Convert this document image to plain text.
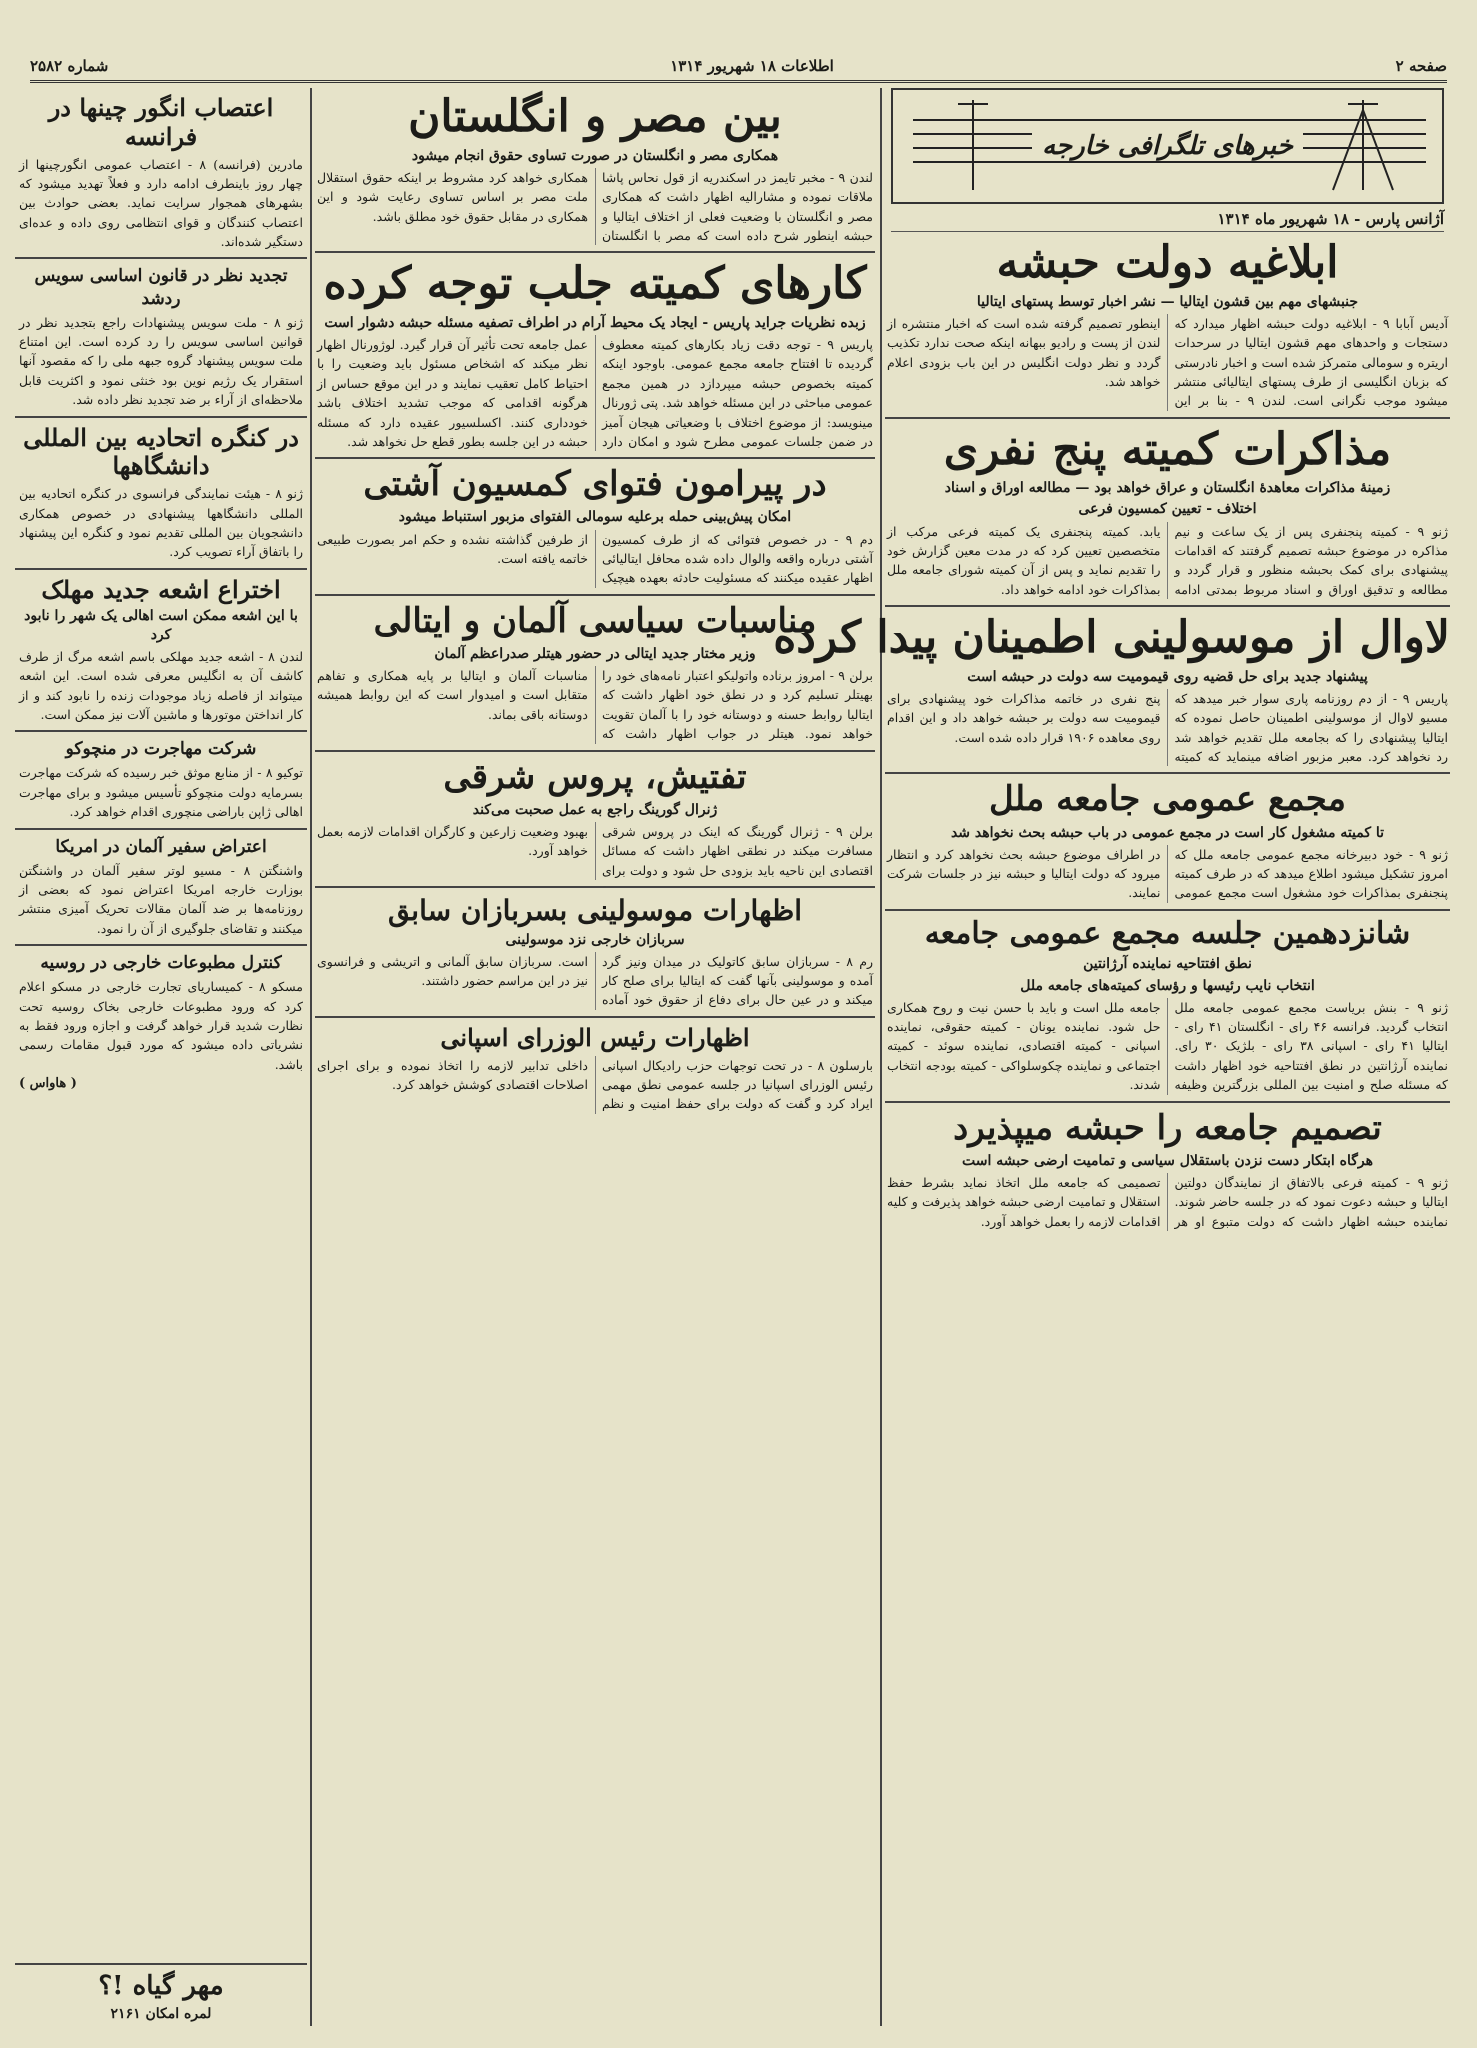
صفحه ۲
اطلاعات ۱۸ شهریور ۱۳۱۴
شماره ۲۵۸۲
خبرهای تلگرافی خارجه
آژانس پارس - ۱۸ شهریور ماه ۱۳۱۴
ابلاغیه دولت حبشه
جنبشهای مهم بین قشون ایتالیا — نشر اخبار توسط پستهای ایتالیا
آدیس آبابا ۹ - ابلاغیه دولت حبشه اظهار میدارد که دستجات و واحدهای مهم قشون ایتالیا در سرحدات اریتره و سومالی متمرکز شده است و اخبار نادرستی که بزبان انگلیسی از طرف پستهای ایتالیائی منتشر میشود موجب نگرانی است. لندن ۹ - بنا بر این اینطور تصمیم گرفته شده است که اخبار منتشره از لندن از پست و رادیو ببهانه اینکه صحت ندارد تکذیب گردد و نظر دولت انگلیس در این باب بزودی اعلام خواهد شد.
مذاکرات کمیته پنج نفری
زمینهٔ مذاکرات معاهدهٔ انگلستان و عراق خواهد بود — مطالعه اوراق و اسناد
اختلاف - تعیین کمسیون فرعی
ژنو ۹ - کمیته پنجنفری پس از یک ساعت و نیم مذاکره در موضوع حبشه تصمیم گرفتند که اقدامات پیشنهادی برای کمک بحبشه منظور و قرار گردد و مطالعه و تدقیق اوراق و اسناد مربوط بمدتی ادامه یابد. کمیته پنجنفری یک کمیته فرعی مرکب از متخصصین تعیین کرد که در مدت معین گزارش خود را تقدیم نماید و پس از آن کمیته شورای جامعه ملل بمذاکرات خود ادامه خواهد داد.
لاوال از موسولینی اطمینان پیدا کرده
پیشنهاد جدید برای حل قضیه روی قیمومیت سه دولت در حبشه است
پاریس ۹ - از دم روزنامه پاری سوار خبر میدهد که مسیو لاوال از موسولینی اطمینان حاصل نموده که ایتالیا پیشنهادی را که بجامعه ملل تقدیم خواهد شد رد نخواهد کرد. معبر مزبور اضافه مینماید که کمیته پنج نفری در خاتمه مذاکرات خود پیشنهادی برای قیمومیت سه دولت بر حبشه خواهد داد و این اقدام روی معاهده ۱۹۰۶ قرار داده شده است.
مجمع عمومی جامعه ملل
تا کمیته مشغول کار است در مجمع عمومی در باب حبشه بحث نخواهد شد
ژنو ۹ - خود دبیرخانه مجمع عمومی جامعه ملل که امروز تشکیل میشود اطلاع میدهد که در طرف کمیته پنجنفری بمذاکرات خود مشغول است مجمع عمومی در اطراف موضوع حبشه بحث نخواهد کرد و انتظار میرود که دولت ایتالیا و حبشه نیز در جلسات شرکت نمایند.
شانزدهمین جلسه مجمع عمومی جامعه
نطق افتتاحیه نماینده آرژانتین
انتخاب نایب رئیسها و رؤسای کمیته‌های جامعه ملل
ژنو ۹ - بنش بریاست مجمع عمومی جامعه ملل انتخاب گردید. فرانسه ۴۶ رای - انگلستان ۴۱ رای - ایتالیا ۴۱ رای - اسپانی ۳۸ رای - بلژیک ۳۰ رای. نماینده آرژانتین در نطق افتتاحیه خود اظهار داشت که مسئله صلح و امنیت بین المللی بزرگترین وظیفه جامعه ملل است و باید با حسن نیت و روح همکاری حل شود. نماینده یونان - کمیته حقوقی، نماینده اسپانی - کمیته اقتصادی، نماینده سوئد - کمیته اجتماعی و نماینده چکوسلواکی - کمیته بودجه انتخاب شدند.
تصمیم جامعه را حبشه میپذیرد
هرگاه ابتکار دست نزدن باستقلال سیاسی و تمامیت ارضی حبشه است
ژنو ۹ - کمیته فرعی بالاتفاق از نمایندگان دولتین ایتالیا و حبشه دعوت نمود که در جلسه حاضر شوند. نماینده حبشه اظهار داشت که دولت متبوع او هر تصمیمی که جامعه ملل اتخاذ نماید بشرط حفظ استقلال و تمامیت ارضی حبشه خواهد پذیرفت و کلیه اقدامات لازمه را بعمل خواهد آورد.
بین مصر و انگلستان
همکاری مصر و انگلستان در صورت تساوی حقوق انجام میشود
لندن ۹ - مخبر تایمز در اسکندریه از قول نحاس پاشا ملاقات نموده و مشارالیه اظهار داشت که همکاری مصر و انگلستان با وضعیت فعلی از اختلاف ایتالیا و حبشه اینطور شرح داده است که مصر با انگلستان همکاری خواهد کرد مشروط بر اینکه حقوق استقلال ملت مصر بر اساس تساوی رعایت شود و این همکاری در مقابل حقوق خود مطلق باشد.
کارهای کمیته جلب توجه کرده
زبده نظریات جراید پاریس - ایجاد یک محیط آرام در اطراف تصفیه مسئله حبشه دشوار است
پاریس ۹ - توجه دقت زیاد بکارهای کمیته معطوف گردیده تا افتتاح جامعه مجمع عمومی. باوجود اینکه کمیته بخصوص حبشه میپردازد در همین مجمع عمومی مباحثی در این مسئله خواهد شد. پتی ژورنال مینویسد: از موضوع اختلاف با وضعیاتی هیجان آمیز در ضمن جلسات عمومی مطرح شود و امکان دارد عمل جامعه تحت تأثیر آن قرار گیرد. لوژورنال اظهار نظر میکند که اشخاص مسئول باید وضعیت را با احتیاط کامل تعقیب نمایند و در این موقع حساس از هرگونه اقدامی که موجب تشدید اختلاف باشد خودداری کنند. اکسلسیور عقیده دارد که مسئله حبشه در این جلسه بطور قطع حل نخواهد شد.
در پیرامون فتوای کمسیون آشتی
امکان پیش‌بینی حمله برعلیه سومالی الفتوای مزبور استنباط میشود
دم ۹ - در خصوص فتوائی که از طرف کمسیون آشتی درباره واقعه والوال داده شده محافل ایتالیائی اظهار عقیده میکنند که مسئولیت حادثه بعهده هیچیک از طرفین گذاشته نشده و حکم امر بصورت طبیعی خاتمه یافته است.
مناسبات سیاسی آلمان و ایتالی
وزیر مختار جدید ایتالی در حضور هیتلر صدراعظم آلمان
برلن ۹ - امروز برناده واتولیکو اعتبار نامه‌های خود را بهیتلر تسلیم کرد و در نطق خود اظهار داشت که ایتالیا روابط حسنه و دوستانه خود را با آلمان تقویت خواهد نمود. هیتلر در جواب اظهار داشت که مناسبات آلمان و ایتالیا بر پایه همکاری و تفاهم متقابل است و امیدوار است که این روابط همیشه دوستانه باقی بماند.
تفتیش، پروس شرقی
ژنرال گورینگ راجع به عمل صحبت می‌کند
برلن ۹ - ژنرال گورینگ که اینک در پروس شرقی مسافرت میکند در نطقی اظهار داشت که مسائل اقتصادی این ناحیه باید بزودی حل شود و دولت برای بهبود وضعیت زارعین و کارگران اقدامات لازمه بعمل خواهد آورد.
اظهارات موسولینی بسربازان سابق
سربازان خارجی نزد موسولینی
رم ۸ - سربازان سابق کاتولیک در میدان ونیز گرد آمده و موسولینی بآنها گفت که ایتالیا برای صلح کار میکند و در عین حال برای دفاع از حقوق خود آماده است. سربازان سابق آلمانی و اتریشی و فرانسوی نیز در این مراسم حضور داشتند.
اظهارات رئیس الوزرای اسپانی
بارسلون ۸ - در تحت توجهات حزب رادیکال اسپانی رئیس الوزرای اسپانیا در جلسه عمومی نطق مهمی ایراد کرد و گفت که دولت برای حفظ امنیت و نظم داخلی تدابیر لازمه را اتخاذ نموده و برای اجرای اصلاحات اقتصادی کوشش خواهد کرد.
اعتصاب انگور چینها در فرانسه
مادرین (فرانسه) ۸ - اعتصاب عمومی انگورچینها از چهار روز باینطرف ادامه دارد و فعلاً تهدید میشود که بشهرهای همجوار سرایت نماید. بعضی حوادث بین اعتصاب کنندگان و قوای انتظامی روی داده و عده‌ای دستگیر شده‌اند.
تجدید نظر در قانون اساسی سویس ردشد
ژنو ۸ - ملت سویس پیشنهادات راجع بتجدید نظر در قوانین اساسی سویس را رد کرده است. این امتناع ملت سویس پیشنهاد گروه جبهه ملی را که مقصود آنها استقرار یک رژیم نوین بود خنثی نمود و اکثریت قابل ملاحظه‌ای از آراء بر ضد تجدید نظر داده شد.
در کنگره اتحادیه بین المللی دانشگاهها
ژنو ۸ - هیئت نمایندگی فرانسوی در کنگره اتحادیه بین المللی دانشگاهها پیشنهادی در خصوص همکاری دانشجویان بین المللی تقدیم نمود و کنگره این پیشنهاد را باتفاق آراء تصویب کرد.
اختراع اشعه جدید مهلک
با این اشعه ممکن است اهالی یک شهر را نابود کرد
لندن ۸ - اشعه جدید مهلکی باسم اشعه مرگ از طرف کاشف آن به انگلیس معرفی شده است. این اشعه میتواند از فاصله زیاد موجودات زنده را نابود کند و از کار انداختن موتورها و ماشین آلات نیز ممکن است.
شرکت مهاجرت در منچوکو
توکیو ۸ - از منابع موثق خبر رسیده که شرکت مهاجرت بسرمایه دولت منچوکو تأسیس میشود و برای مهاجرت اهالی ژاپن باراضی منچوری اقدام خواهد کرد.
اعتراض سفیر آلمان در امریکا
واشنگتن ۸ - مسیو لوتر سفیر آلمان در واشنگتن بوزارت خارجه امریکا اعتراض نمود که بعضی از روزنامه‌ها بر ضد آلمان مقالات تحریک آمیزی منتشر میکنند و تقاضای جلوگیری از آن را نمود.
کنترل مطبوعات خارجی در روسیه
مسکو ۸ - کمیساریای تجارت خارجی در مسکو اعلام کرد که ورود مطبوعات خارجی بخاک روسیه تحت نظارت شدید قرار خواهد گرفت و اجازه ورود فقط به نشریاتی داده میشود که مورد قبول مقامات رسمی باشد.
( هاواس )
مهر گیاه !؟
لمره امکان ۲۱۶۱
